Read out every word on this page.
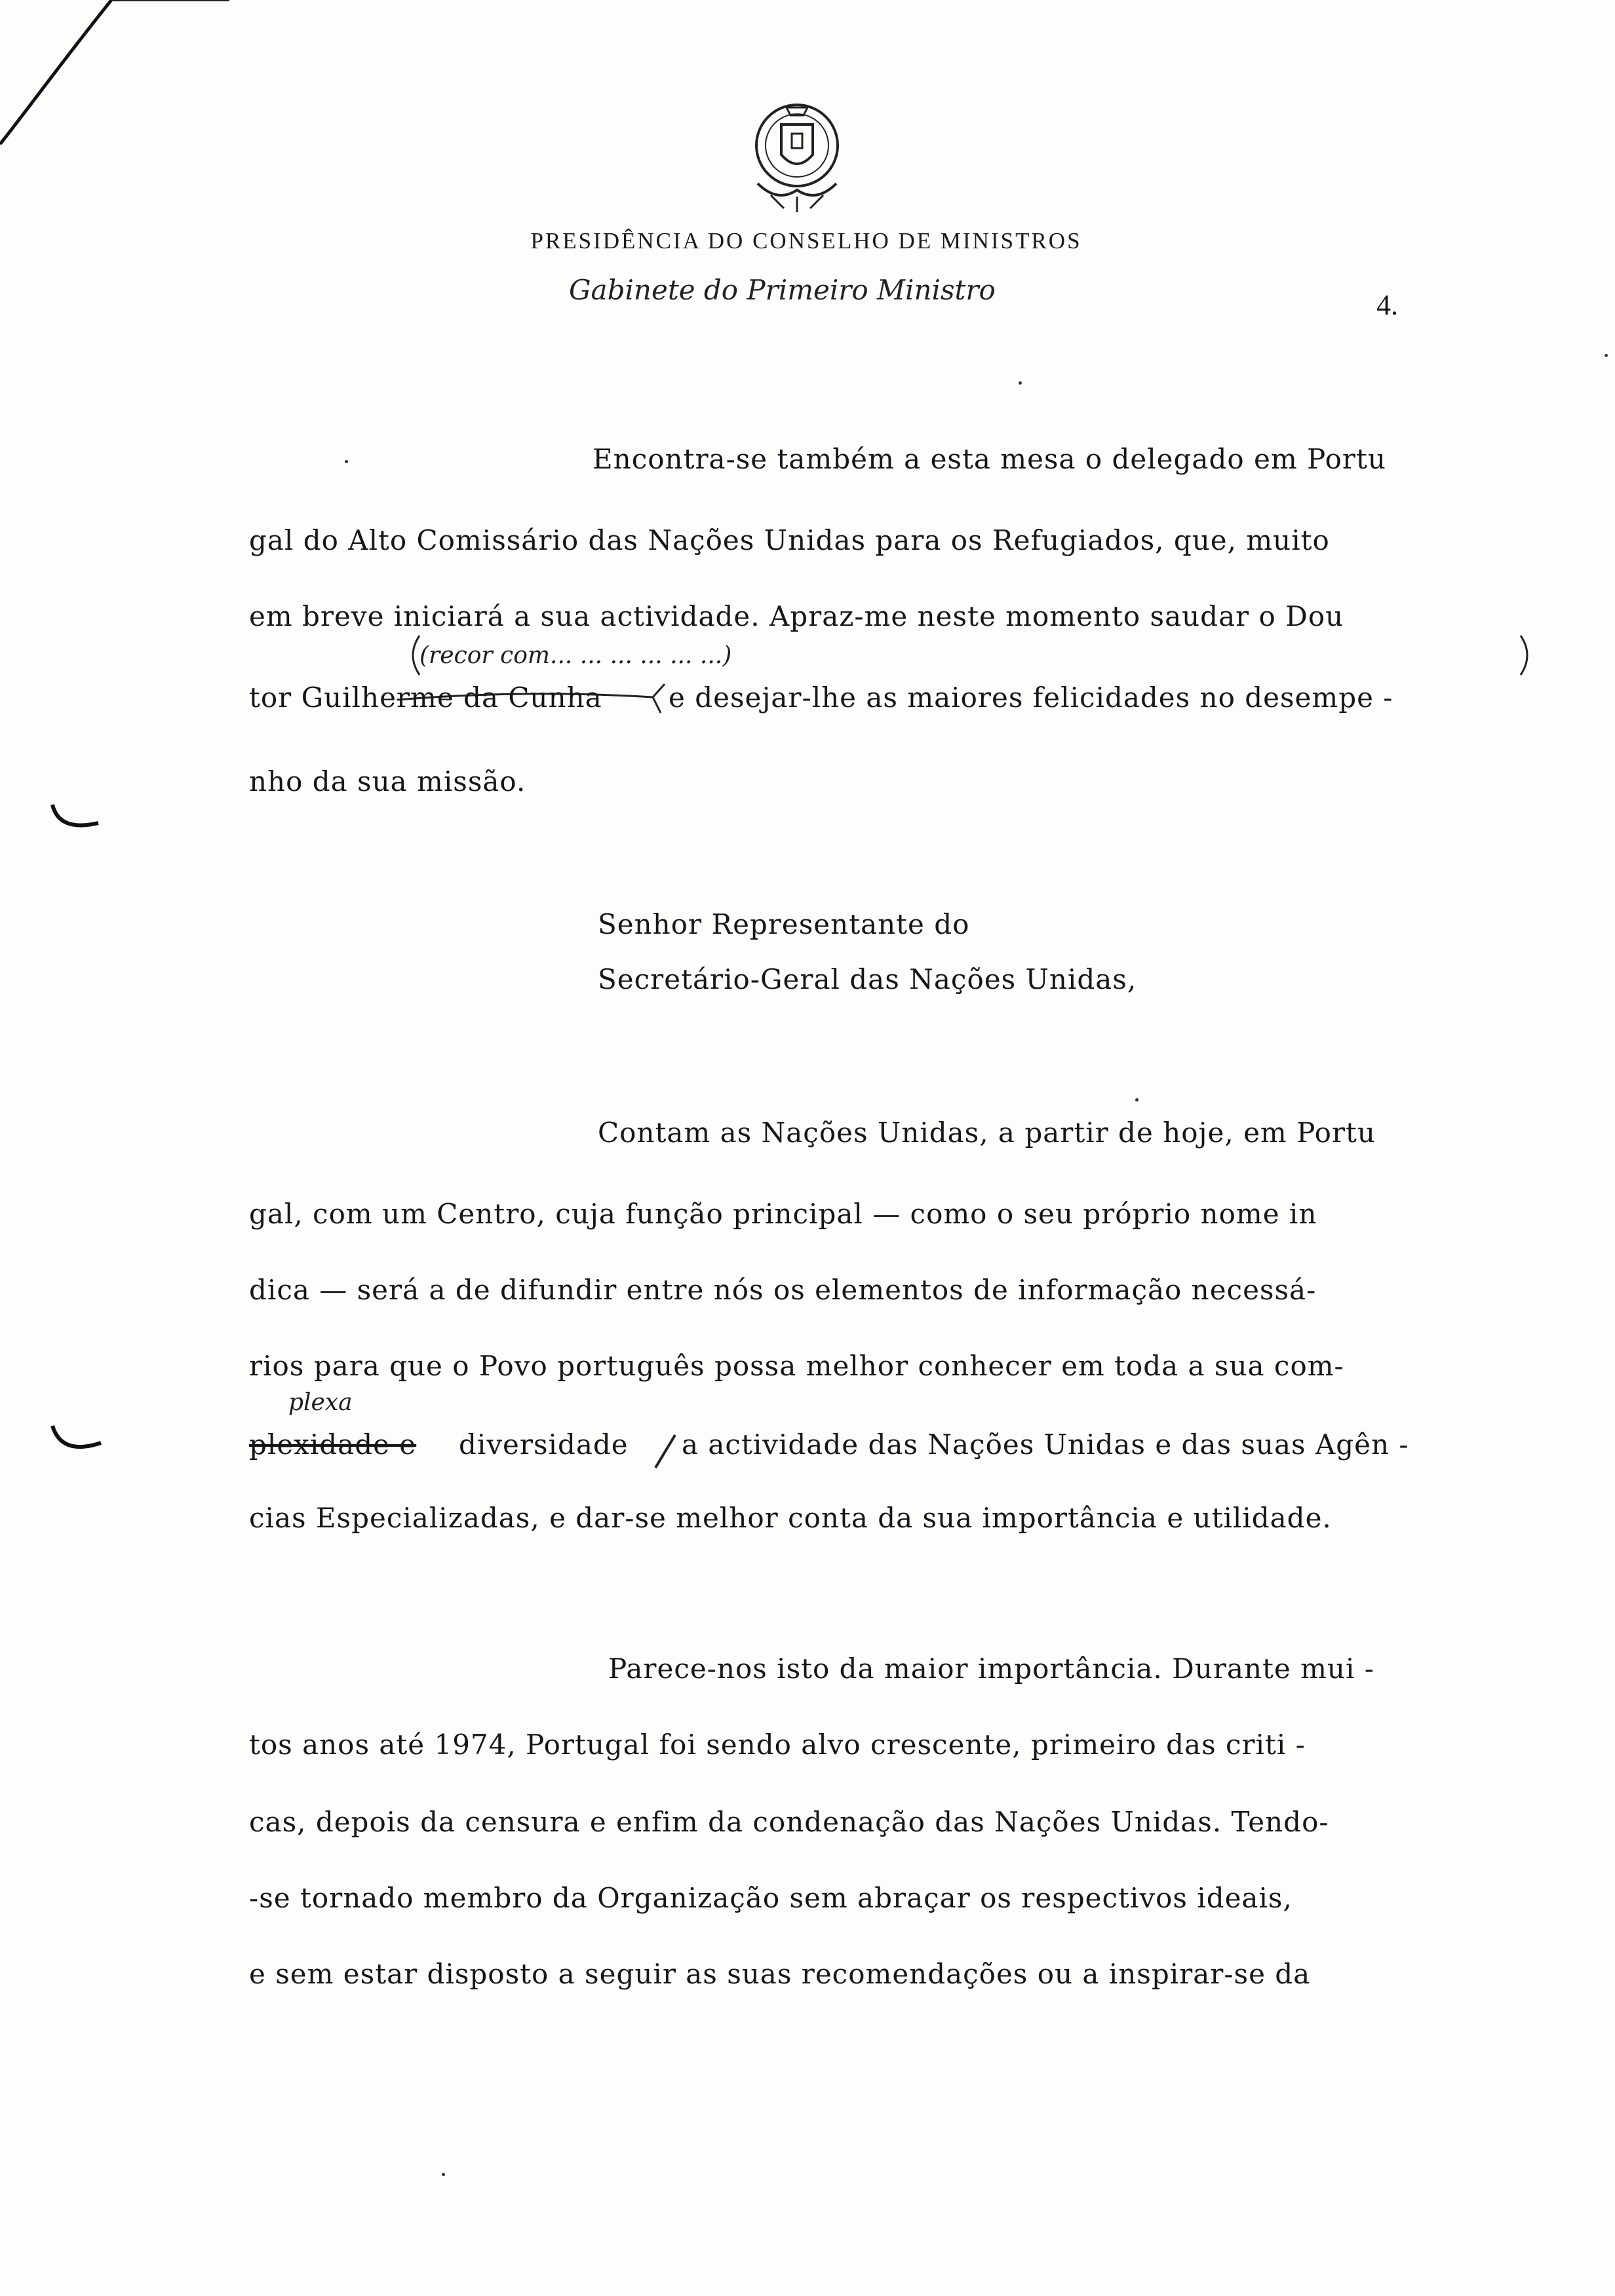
PRESIDÊNCIA DO CONSELHO DE MINISTROS
Gabinete do Primeiro Ministro	4.
Encontra-se também a esta mesa o delegado em Portu
gal do Alto Comissário das Nações Unidas para os Refugiados, que, muito
em breve iniciará a sua actividade. Apraz-me neste momento saudar o Dou
(recor com... ... ... ... ... ...)
tor Guilherme da Cunha e desejar-lhe as maiores felicidades no desempe -
nho da sua missão.
Senhor Representante do
Secretário-Geral das Nações Unidas,
Contam as Nações Unidas, a partir de hoje, em Portu
gal, com um Centro, cuja função principal — como o seu próprio nome in
dica — será a de difundir entre nós os elementos de informação necessá-
rios para que o Povo português possa melhor conhecer em toda a sua com-
plexa
plexidade e diversidade a actividade das Nações Unidas e das suas Agên -
cias Especializadas, e dar-se melhor conta da sua importância e utilidade.
Parece-nos isto da maior importância. Durante mui -
tos anos até 1974, Portugal foi sendo alvo crescente, primeiro das criti -
cas, depois da censura e enfim da condenação das Nações Unidas. Tendo-
-se tornado membro da Organização sem abraçar os respectivos ideais,
e sem estar disposto a seguir as suas recomendações ou a inspirar-se da
